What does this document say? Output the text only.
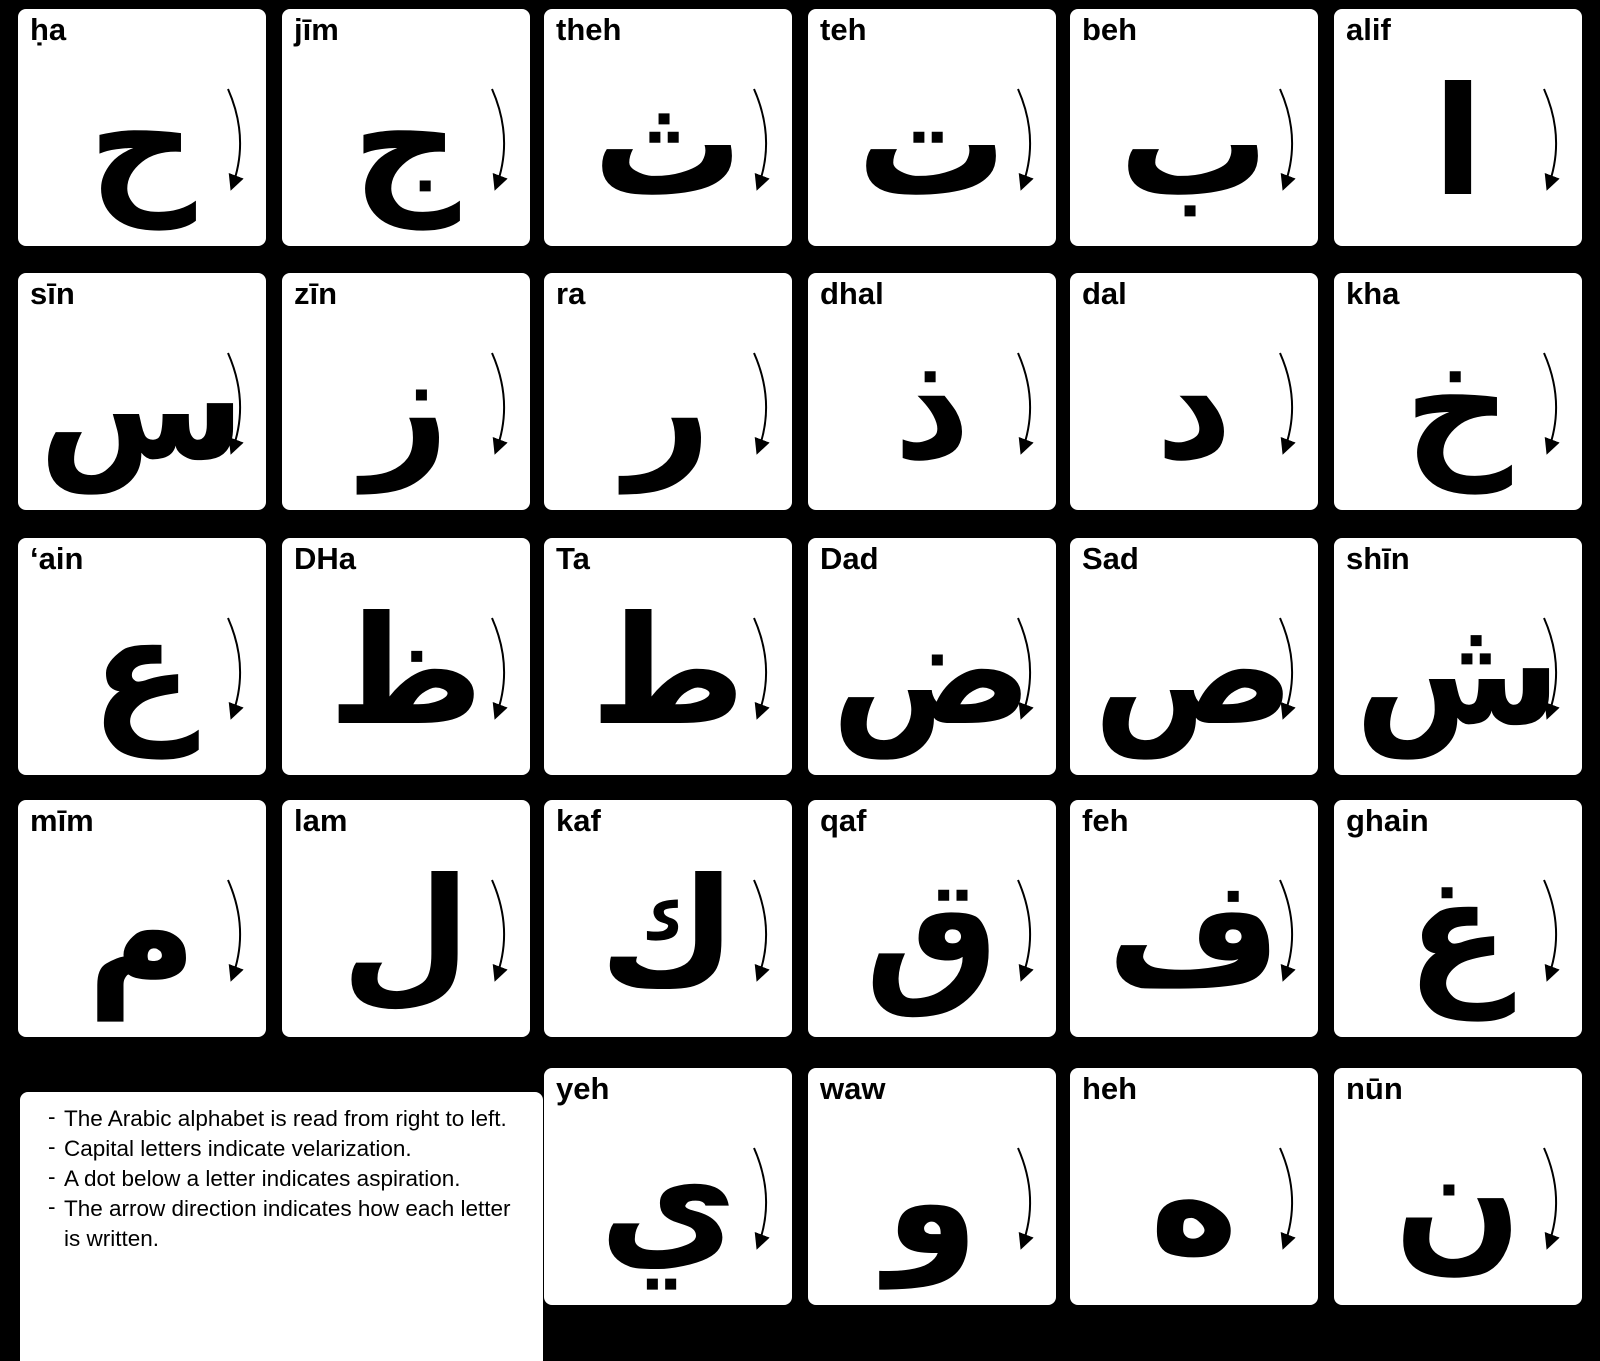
ح
ḥa
ج
jīm
ث
theh
ت
teh
ب
beh
ا
alif
س
sīn
ز
zīn
ر
ra
ذ
dhal
د
dal
خ
kha
ع
‘ain
ظ
DHa
ط
Ta
ض
Dad
ص
Sad
ش
shīn
م
mīm
ل
lam
ك
kaf
ق
qaf
ف
feh
غ
ghain
ي
yeh
و
waw
ه
heh
ن
nūn
- The Arabic alphabet is read from right to left.
- Capital letters indicate velarization.
- A dot below a letter indicates aspiration.
- The arrow direction indicates how each letter is written.
